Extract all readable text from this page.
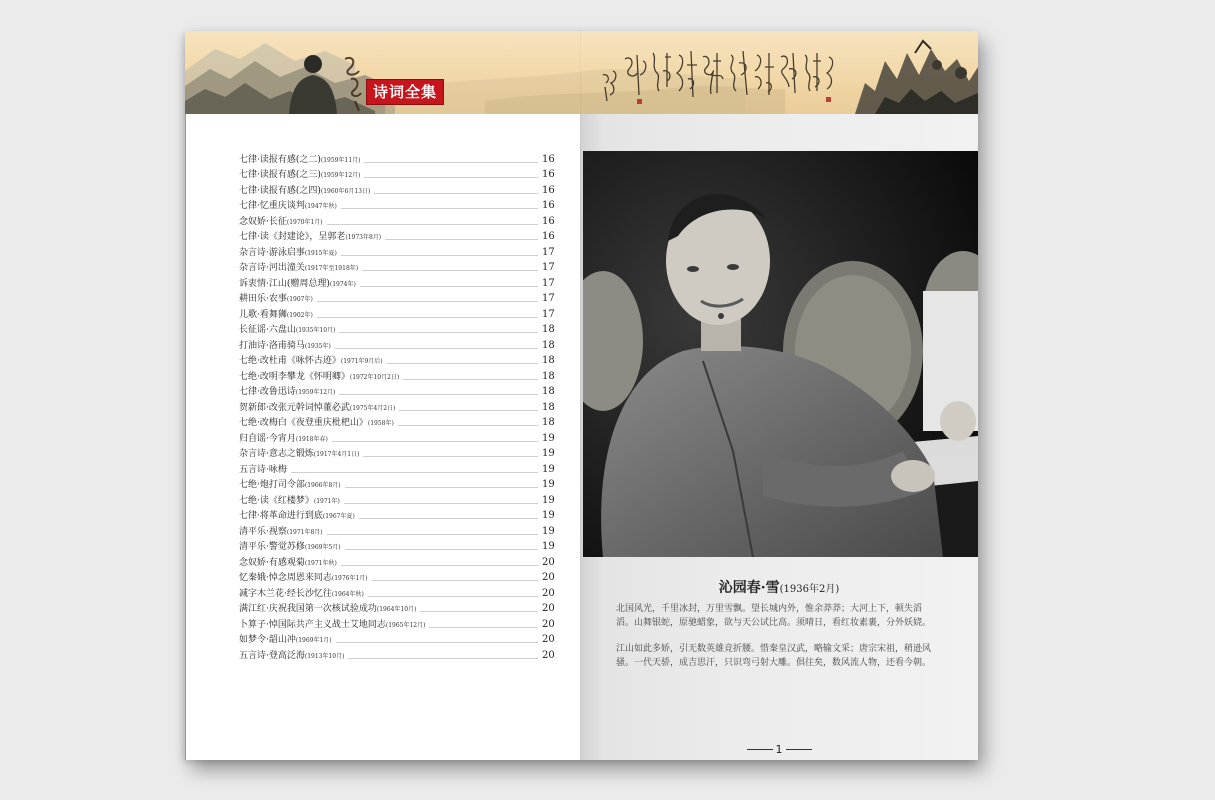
诗词全集
七律·读报有感(之二) (1959年11月)	16
七律·读报有感(之三) (1959年12月)	16
七律·读报有感(之四) (1960年6月13日)	16
七律·忆重庆谈判 (1947年秋)	16
念奴娇·长征 (1970年1月)	16
七律·读《封建论》，呈郭老 (1973年8月)	16
杂言诗·游泳启事 (1915年夏)	17
杂言诗·河出潼关 (1917年至1918年)	17
诉衷情·江山(赠周总理) (1974年)	17
耕田乐·农事 (1907年)	17
儿歌·看舞狮 (1902年)	17
长征谣·六盘山 (1935年10月)	18
打油诗·洛甫骑马 (1935年)	18
七绝·改杜甫《咏怀古迹》 (1971年9月后)	18
七绝·改明李攀龙《怀明卿》 (1972年10月2日)	18
七律·改鲁迅诗 (1959年12月)	18
贺新郎·改张元幹词悼董必武 (1975年4月2日)	18
七绝·改梅白《夜登重庆枇杷山》 (1958年)	18
归自谣·今宵月 (1918年春)	19
杂言诗·意志之锻炼 (1917年4月1日)	19
五言诗·咏梅	19
七绝·炮打司令部 (1966年8月)	19
七绝·读《红楼梦》 (1971年)	19
七律·将革命进行到底 (1967年夏)	19
清平乐·视察 (1971年8月)	19
清平乐·警觉苏修 (1969年5月)	19
念奴娇·有感观菊 (1971年秋)	20
忆秦娥·悼念周恩来同志 (1976年1月)	20
减字木兰花·经长沙忆往 (1964年秋)	20
满江红·庆祝我国第一次核试验成功 (1964年10月)	20
卜算子·悼国际共产主义战士艾地同志 (1965年12月)	20
如梦令·韶山冲 (1969年1月)	20
五言诗·登高泛海 (1913年10月)	20
沁园春·雪(1936年2月)

北国风光，千里冰封，万里雪飘。望长城内外，惟余莽莽；大河上下，顿失滔滔。山舞银蛇，原驰蜡象，欲与天公试比高。须晴日，看红妆素裹，分外妖娆。

江山如此多娇，引无数英雄竞折腰。惜秦皇汉武，略输文采；唐宗宋祖，稍逊风骚。一代天骄，成吉思汗，只识弯弓射大雕。俱往矣，数风流人物，还看今朝。

1
